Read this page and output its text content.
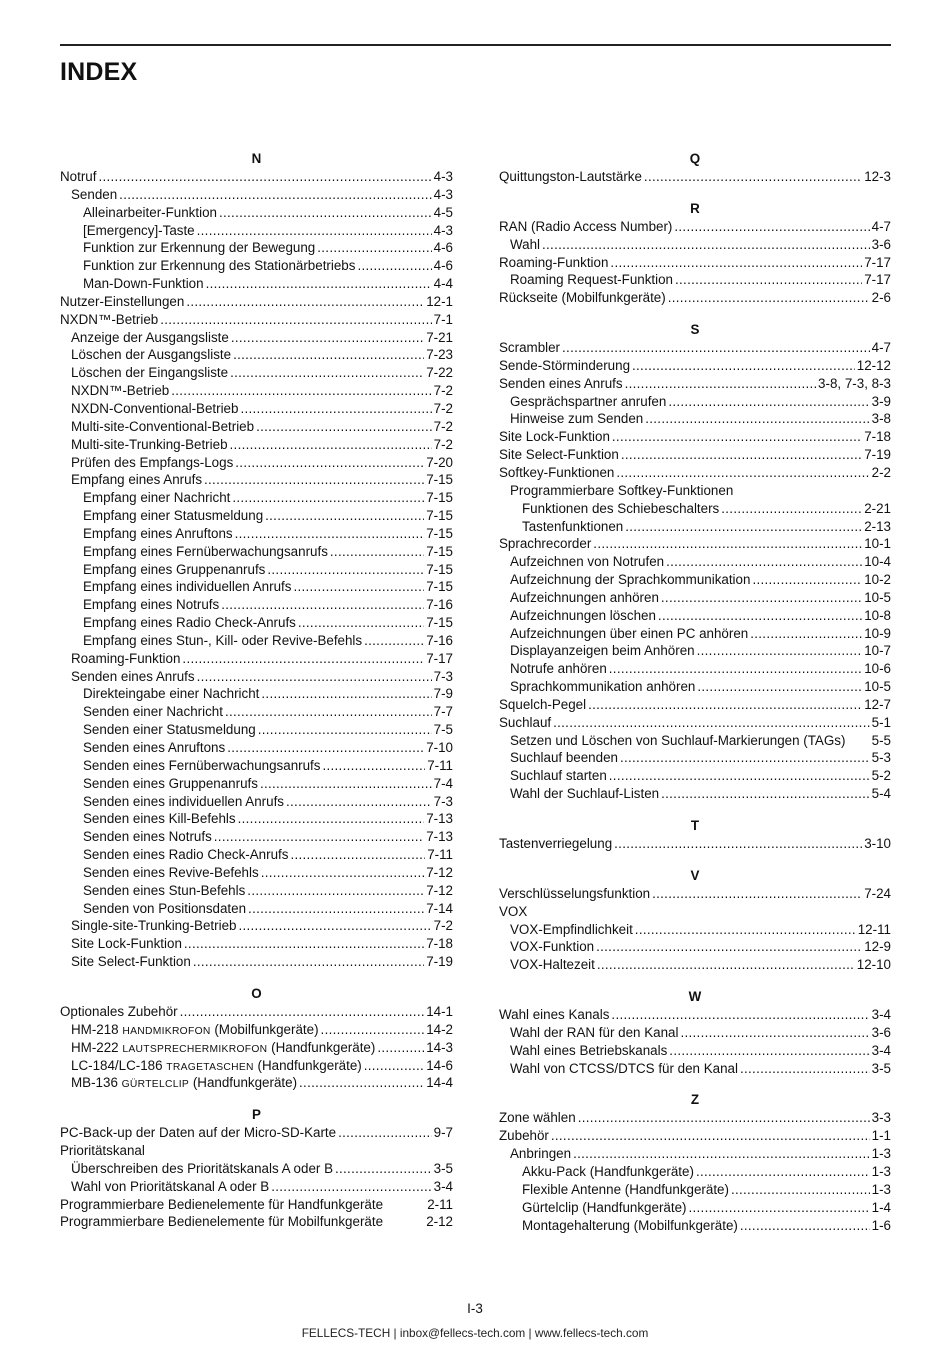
INDEX
N
Notruf .....	4-3
Senden .....	4-3
Alleinarbeiter-Funktion .....	4-5
[Emergency]-Taste .....	4-3
Funktion zur Erkennung der Bewegung .....	4-6
Funktion zur Erkennung des Stationärbetriebs .....	4-6
Man-Down-Funktion .....	4-4
Nutzer-Einstellungen .....	12-1
NXDN™-Betrieb .....	7-1
Anzeige der Ausgangsliste .....	7-21
Löschen der Ausgangsliste .....	7-23
Löschen der Eingangsliste .....	7-22
NXDN™-Betrieb .....	7-2
NXDN-Conventional-Betrieb .....	7-2
Multi-site-Conventional-Betrieb .....	7-2
Multi-site-Trunking-Betrieb .....	7-2
Prüfen des Empfangs-Logs .....	7-20
Empfang eines Anrufs .....	7-15
Empfang einer Nachricht .....	7-15
Empfang einer Statusmeldung .....	7-15
Empfang eines Anruftons .....	7-15
Empfang eines Fernüberwachungsanrufs .....	7-15
Empfang eines Gruppenanrufs .....	7-15
Empfang eines individuellen Anrufs .....	7-15
Empfang eines Notrufs .....	7-16
Empfang eines Radio Check-Anrufs .....	7-15
Empfang eines Stun-, Kill- oder Revive-Befehls .....	7-16
Roaming-Funktion .....	7-17
Senden eines Anrufs .....	7-3
Direkteingabe einer Nachricht .....	7-9
Senden einer Nachricht .....	7-7
Senden einer Statusmeldung .....	7-5
Senden eines Anruftons .....	7-10
Senden eines Fernüberwachungsanrufs .....	7-11
Senden eines Gruppenanrufs .....	7-4
Senden eines individuellen Anrufs .....	7-3
Senden eines Kill-Befehls .....	7-13
Senden eines Notrufs .....	7-13
Senden eines Radio Check-Anrufs .....	7-11
Senden eines Revive-Befehls .....	7-12
Senden eines Stun-Befehls .....	7-12
Senden von Positionsdaten .....	7-14
Single-site-Trunking-Betrieb .....	7-2
Site Lock-Funktion .....	7-18
Site Select-Funktion .....	7-19
O
Optionales Zubehör .....	14-1
HM-218 HANDMIKROFON (Mobilfunkgeräte) .....	14-2
HM-222 LAUTSPRECHERMIKROFON (Handfunkgeräte) .....	14-3
LC-184/LC-186 TRAGETASCHEN (Handfunkgeräte) .....	14-6
MB-136 GÜRTELCLIP (Handfunkgeräte) .....	14-4
P
PC-Back-up der Daten auf der Micro-SD-Karte .....	9-7
Prioritätskanal
Überschreiben des Prioritätskanals A oder B .....	3-5
Wahl von Prioritätskanal A oder B .....	3-4
Programmierbare Bedienelemente für Handfunkgeräte	2-11
Programmierbare Bedienelemente für Mobilfunkgeräte	2-12
Q
Quittungston-Lautstärke .....	12-3
R
RAN (Radio Access Number) .....	4-7
Wahl .....	3-6
Roaming-Funktion .....	7-17
Roaming Request-Funktion .....	7-17
Rückseite (Mobilfunkgeräte) .....	2-6
S
Scrambler .....	4-7
Sende-Störminderung .....	12-12
Senden eines Anrufs .....	3-8, 7-3, 8-3
Gesprächspartner anrufen .....	3-9
Hinweise zum Senden .....	3-8
Site Lock-Funktion .....	7-18
Site Select-Funktion .....	7-19
Softkey-Funktionen .....	2-2
Programmierbare Softkey-Funktionen
Funktionen des Schiebeschalters .....	2-21
Tastenfunktionen .....	2-13
Sprachrecorder .....	10-1
Aufzeichnen von Notrufen .....	10-4
Aufzeichnung der Sprachkommunikation .....	10-2
Aufzeichnungen anhören .....	10-5
Aufzeichnungen löschen .....	10-8
Aufzeichnungen über einen PC anhören .....	10-9
Displayanzeigen beim Anhören .....	10-7
Notrufe anhören .....	10-6
Sprachkommunikation anhören .....	10-5
Squelch-Pegel .....	12-7
Suchlauf .....	5-1
Setzen und Löschen von Suchlauf-Markierungen (TAGs) 5-5
Suchlauf beenden .....	5-3
Suchlauf starten .....	5-2
Wahl der Suchlauf-Listen .....	5-4
T
Tastenverriegelung .....	3-10
V
Verschlüsselungsfunktion .....	7-24
VOX
VOX-Empfindlichkeit .....	12-11
VOX-Funktion .....	12-9
VOX-Haltezeit .....	12-10
W
Wahl eines Kanals .....	3-4
Wahl der RAN für den Kanal .....	3-6
Wahl eines Betriebskanals .....	3-4
Wahl von CTCSS/DTCS für den Kanal .....	3-5
Z
Zone wählen .....	3-3
Zubehör .....	1-1
Anbringen .....	1-3
Akku-Pack (Handfunkgeräte) .....	1-3
Flexible Antenne (Handfunkgeräte) .....	1-3
Gürtelclip (Handfunkgeräte) .....	1-4
Montagehalterung (Mobilfunkgeräte) .....	1-6
I-3
FELLECS-TECH | inbox@fellecs-tech.com | www.fellecs-tech.com
